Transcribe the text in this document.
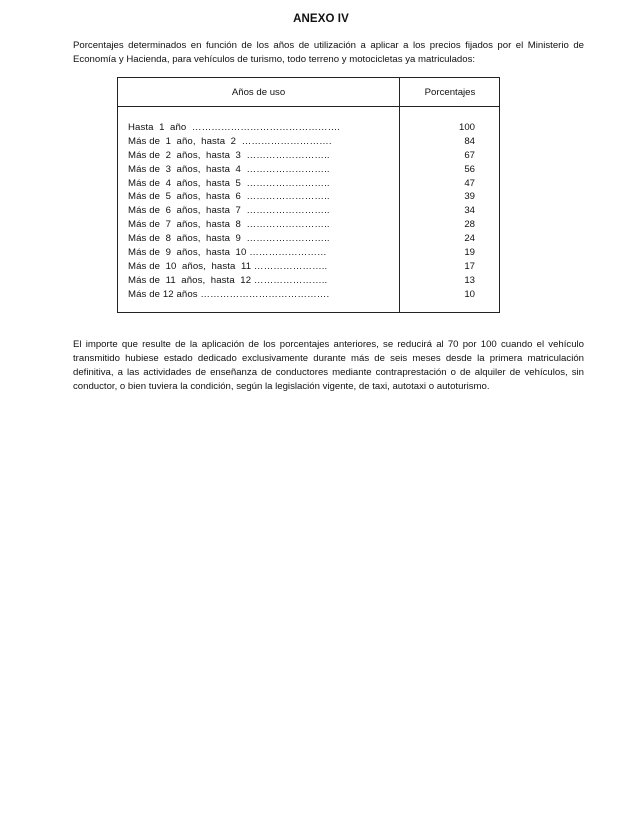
ANEXO IV

Porcentajes determinados en función de los años de utilización a aplicar a los precios fijados por el Ministerio de Economía y Hacienda, para vehículos de turismo, todo terreno y motocicletas ya matriculados:

Años de uso	Porcentajes
Hasta  1  año  ……………………………………….	100
Más de  1  año,  hasta  2  ……………………….	84
Más de  2  años,  hasta  3  ……………………..	67
Más de  3  años,  hasta  4  ……………………..	56
Más de  4  años,  hasta  5  ……………………..	47
Más de  5  años,  hasta  6  ……………………..	39
Más de  6  años,  hasta  7  ……………………..	34
Más de  7  años,  hasta  8  ……………………..	28
Más de  8  años,  hasta  9  ……………………..	24
Más de  9  años,  hasta  10 ……………………	19
Más de  10  años,  hasta  11 …………………..	17
Más de  11  años,  hasta  12 …………………..	13
Más de 12 años ………………………………….	10

El importe que resulte de la aplicación de los porcentajes anteriores, se reducirá al 70 por 100 cuando el vehículo transmitido hubiese estado dedicado exclusivamente durante más de seis meses desde la primera matriculación definitiva, a las actividades de enseñanza de conductores mediante contraprestación o de alquiler de vehículos, sin conductor, o bien tuviera la condición, según la legislación vigente, de taxi, autotaxi o autoturismo.
